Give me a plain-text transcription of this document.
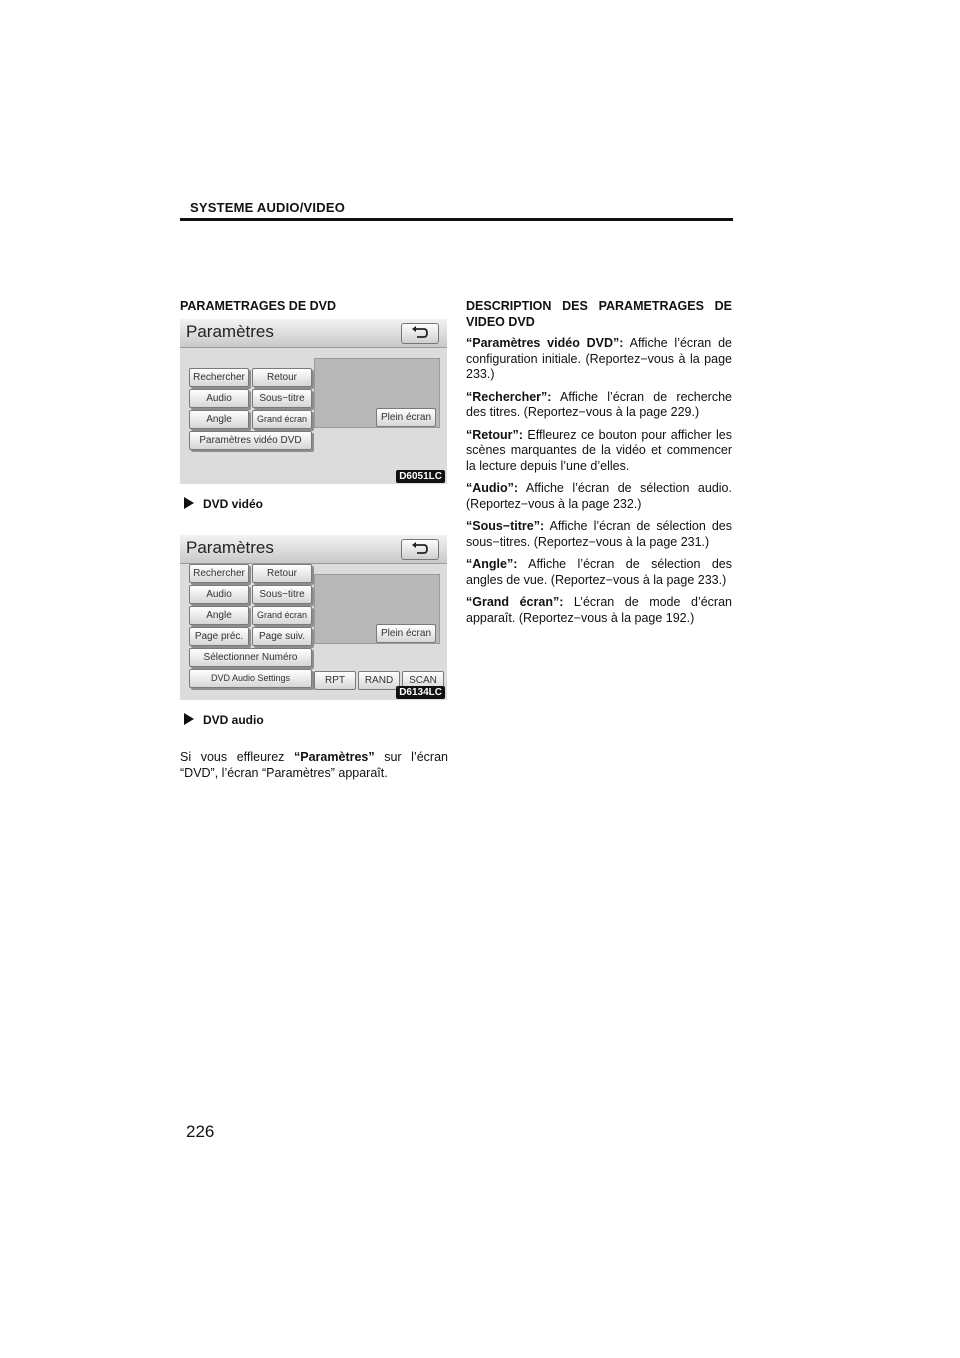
SYSTEME AUDIO/VIDEO
PARAMETRAGES DE DVD
Paramètres
Rechercher	Retour
Audio	Sous−titre
Angle	Grand écran
Paramètres vidéo DVD
Plein écran
D6051LC
DVD vidéo
Paramètres
Rechercher	Retour
Audio	Sous−titre
Angle	Grand écran
Page préc.	Page suiv.
Sélectionner Numéro
DVD Audio Settings
Plein écran
RPT	RAND	SCAN
D6134LC
DVD audio
Si vous effleurez “Paramètres” sur l’écran “DVD”, l’écran “Paramètres” apparaît.

DESCRIPTION DES PARAMETRAGES DE VIDEO DVD

“Paramètres vidéo DVD”: Affiche l’écran de configuration initiale. (Reportez−vous à la page 233.)

“Rechercher”: Affiche l’écran de recherche des titres. (Reportez−vous à la page 229.)

“Retour”: Effleurez ce bouton pour afficher les scènes marquantes de la vidéo et commencer la lecture depuis l’une d’elles.

“Audio”: Affiche l’écran de sélection audio. (Reportez−vous à la page 232.)

“Sous−titre”: Affiche l’écran de sélection des sous−titres. (Reportez−vous à la page 231.)

“Angle”: Affiche l’écran de sélection des angles de vue. (Reportez−vous à la page 233.)

“Grand écran”: L’écran de mode d’écran apparaît. (Reportez−vous à la page 192.)

226
